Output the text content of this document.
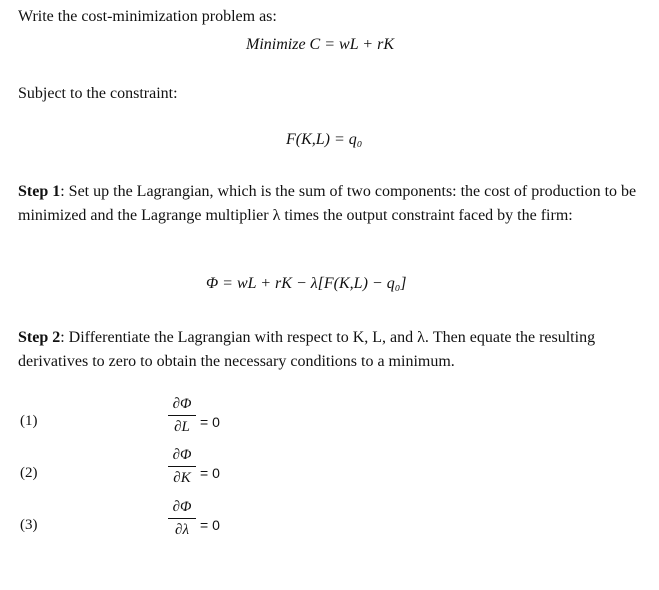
Write the cost-minimization problem as:
Minimize C = wL + rK
Subject to the constraint:
F(K,L) = q₀
Step 1: Set up the Lagrangian, which is the sum of two components: the cost of production to be minimized and the Lagrange multiplier λ times the output constraint faced by the firm:
Φ = wL + rK − λ[F(K,L) − q₀]
Step 2: Differentiate the Lagrangian with respect to K, L, and λ. Then equate the resulting derivatives to zero to obtain the necessary conditions to a minimum.
(1)
∂Φ
∂L = 0
(2)
∂Φ
∂K = 0
(3)
∂Φ
∂λ = 0
